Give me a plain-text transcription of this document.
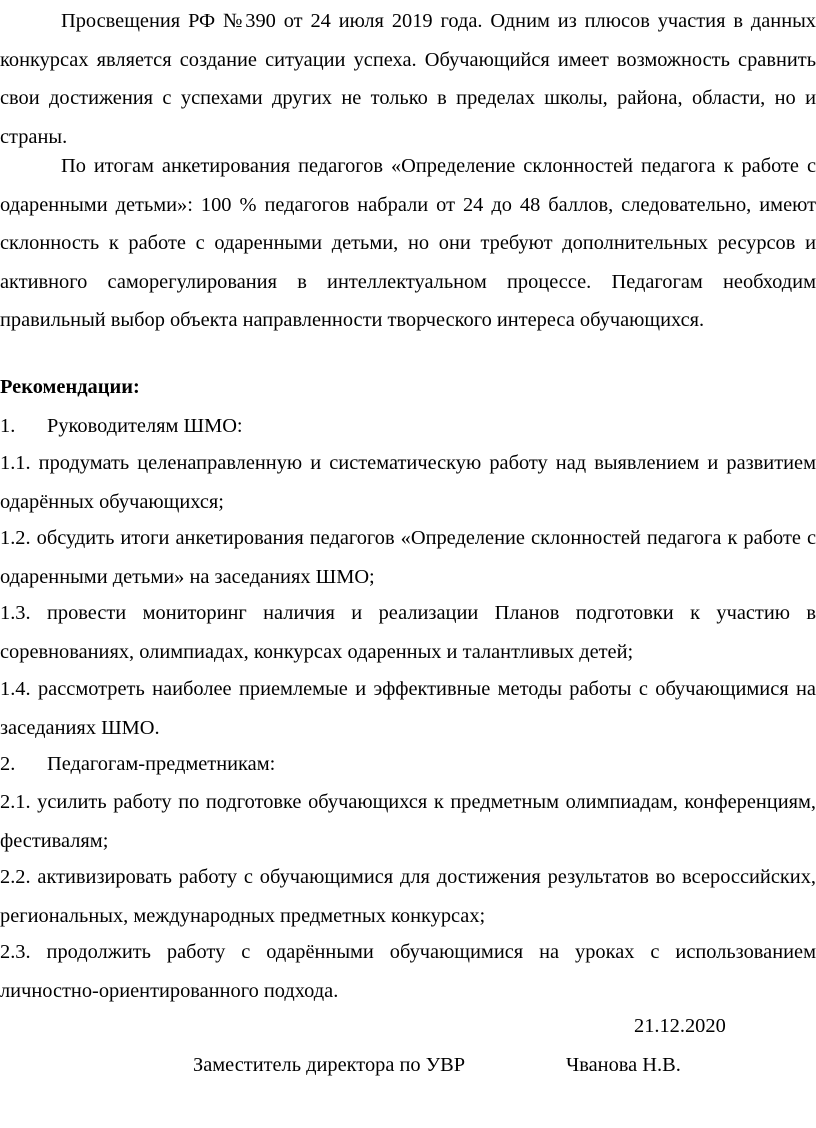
Просвещения РФ №390 от 24 июля 2019 года. Одним из плюсов участия в данных конкурсах является создание ситуации успеха. Обучающийся имеет возможность сравнить свои достижения с успехами других не только в пределах школы, района, области, но и страны.

По итогам анкетирования педагогов «Определение склонностей педагога к работе с одаренными детьми»: 100 % педагогов набрали от 24 до 48 баллов, следовательно, имеют склонность к работе с одаренными детьми, но они требуют дополнительных ресурсов и активного саморегулирования в интеллектуальном процессе. Педагогам необходим правильный выбор объекта направленности творческого интереса обучающихся.

Рекомендации:
1. Руководителям ШМО:

1.1. продумать целенаправленную и систематическую работу над выявлением и развитием одарённых обучающихся;

1.2. обсудить итоги анкетирования педагогов «Определение склонностей педагога к работе с одаренными детьми» на заседаниях ШМО;

1.3. провести мониторинг наличия и реализации Планов подготовки к участию в соревнованиях, олимпиадах, конкурсах одаренных и талантливых детей;

1.4. рассмотреть наиболее приемлемые и эффективные методы работы с обучающимися на заседаниях ШМО.

2. Педагогам-предметникам:

2.1. усилить работу по подготовке обучающихся к предметным олимпиадам, конференциям, фестивалям;

2.2. активизировать работу с обучающимися для достижения результатов во всероссийских, региональных, международных предметных конкурсах;

2.3. продолжить работу с одарёнными обучающимися на уроках с использованием личностно-ориентированного подхода.

21.12.2020
Заместитель директора по УВР	Чванова Н.В.
